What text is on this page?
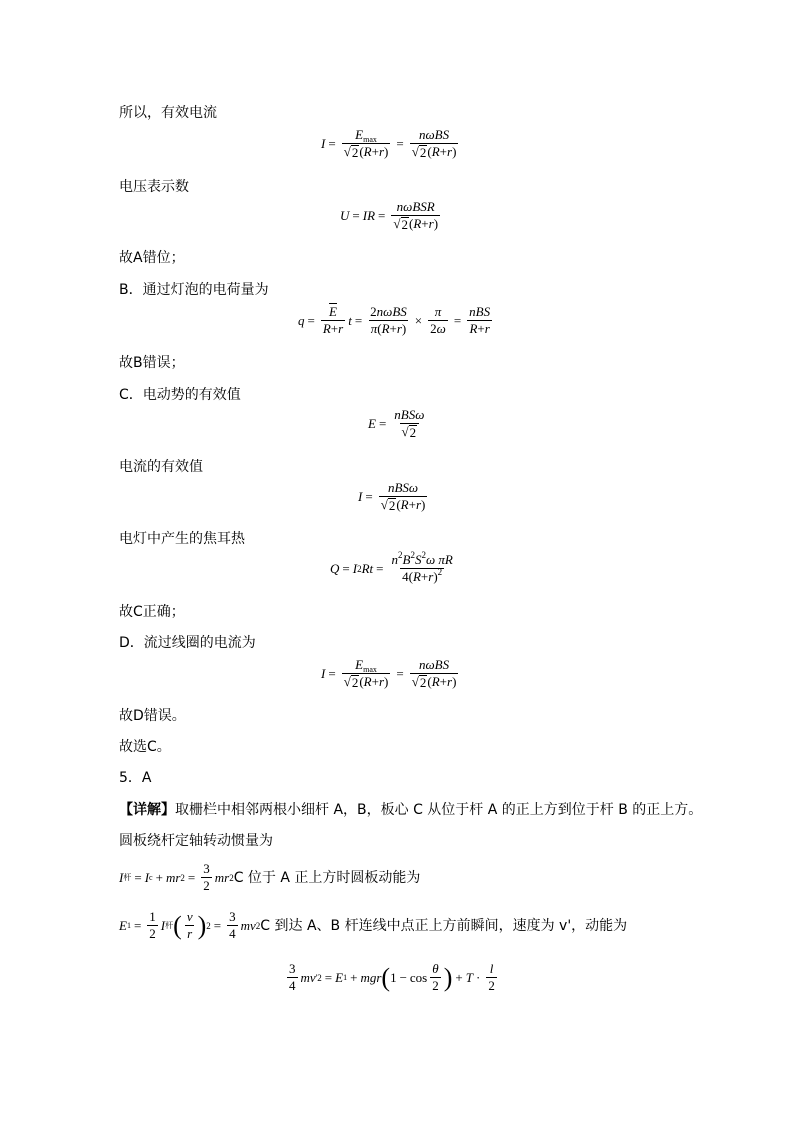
所以，有效电流
$I = \frac{E_{max}}{√ 2 (R+r)} = \frac{\text{nωBS}}{√ 2 (R+r)}$
电压表示数
U = IR = $\frac{\text{nωBSR}}{√ 2 (R+r)}$
故A错位；
B．通过灯泡的电荷量为
$q = \frac{\overline{E}}{R+r}$ $t = \frac{\text{2nωBS}}{\pi(R+r)} \times \frac{\pi}{2\omega} = \frac{\text{nBS}}{R+r}$
故B错误；
C．电动势的有效值
$E = \frac{\text{nBSω}}{√ 2}$
电流的有效值
$I = \frac{\text{nBSω}}{√ 2 (R+r)}$
电灯中产生的焦耳热
Q = I 2 $Rt = \frac{n^2B^2S^2\omega \pi R}{4(R+r)^2}$
故C正确；
D．流过线圈的电流为
$I = \frac{E_{max}}{√ 2 (R+r)} = \frac{\text{nωBS}}{√ 2 (R+r)}$
故D错误。
故选C。
5．A
【详解】取栅栏中相邻两根小细杆 A，B，板心 C 从位于杆 A 的正上方到位于杆 B 的正上方。
圆板绕杆定轴转动惯量为
I 杆 = I c + mr $2 = \frac{3}{2}$ mr 2 C 位于 A 正上方时圆板动能为
E $1 = \frac{1}{2}$ I 杆 ( $\frac{v}{r}$ ) $2 = \frac{3}{4}$ mv 2 C 到达 A、B 杆连线中点正上方前瞬间，速度为 v'，动能为
$\frac{3}{4}$ mv '2 = E 1 + mgr ( $1 - \cos \frac{\theta}{2}$ ) + $T \cdot \frac{l}{2}$
